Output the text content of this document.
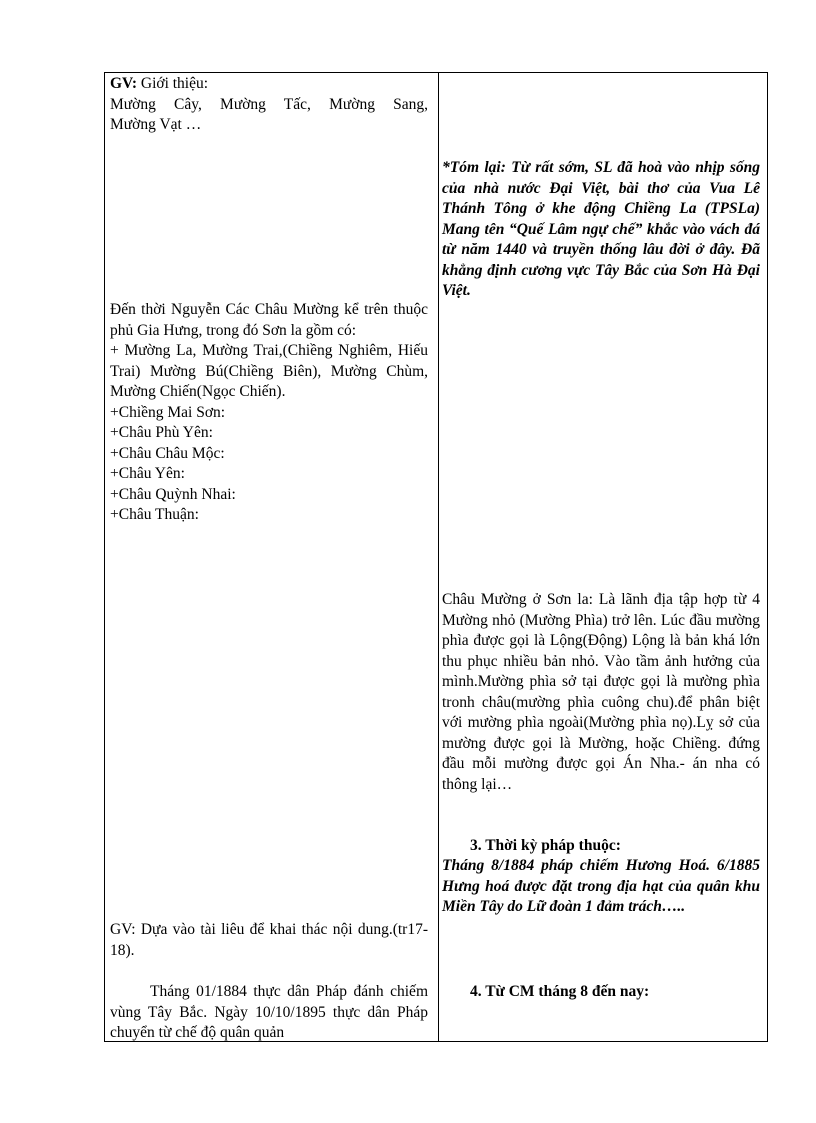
GV: Giới thiệu:
Mường Cây, Mường Tấc, Mường Sang,
Mường Vạt …
Đến thời Nguyễn Các Châu Mường kể trên thuộc phủ Gia Hưng, trong đó Sơn la gồm có:
+ Mường La, Mường Trai,(Chiềng Nghiêm, Hiếu Trai) Mường Bú(Chiềng Biên), Mường Chùm, Mường Chiến(Ngọc Chiến).
+Chiềng Mai Sơn:
+Châu Phù Yên:
+Châu Châu Mộc:
+Châu Yên:
+Châu Quỳnh Nhai:
+Châu Thuận:
GV: Dựa vào tài liêu để khai thác nội dung.(tr17-18).
Tháng 01/1884 thực dân Pháp đánh chiếm vùng Tây Bắc. Ngày 10/10/1895 thực dân Pháp chuyển từ chế độ quân quản
*Tóm lại: Từ rất sớm, SL đã hoà vào nhịp sống của nhà nước Đại Việt, bài thơ của Vua Lê Thánh Tông ở khe động Chiềng La (TPSLa) Mang tên “Quế Lâm ngự chế” khắc vào vách đá từ năm 1440 và truyền thống lâu đời ở đây. Đã khẳng định cương vực Tây Bắc của Sơn Hà Đại Việt.
Châu Mường ở Sơn la: Là lãnh địa tập hợp từ 4 Mường nhỏ (Mường Phìa) trở lên. Lúc đầu mường phìa được gọi là Lộng(Động) Lộng là bản khá lớn thu phục nhiều bản nhỏ. Vào tầm ảnh hưởng của mình.Mường phìa sở tại được gọi là mường phìa tronh châu(mường phìa cuông chu).để phân biệt với mường phìa ngoài(Mường phìa nọ).Lỵ sở của mường được gọi là Mường, hoặc Chiềng. đứng đầu mỗi mường được gọi Án Nha.- án nha có thông lại…
3. Thời kỳ pháp thuộc:
Tháng 8/1884 pháp chiếm Hương Hoá. 6/1885 Hưng hoá được đặt trong địa hạt của quân khu Miền Tây do Lữ đoàn 1 đảm trách…..
4. Từ CM tháng 8 đến nay:
